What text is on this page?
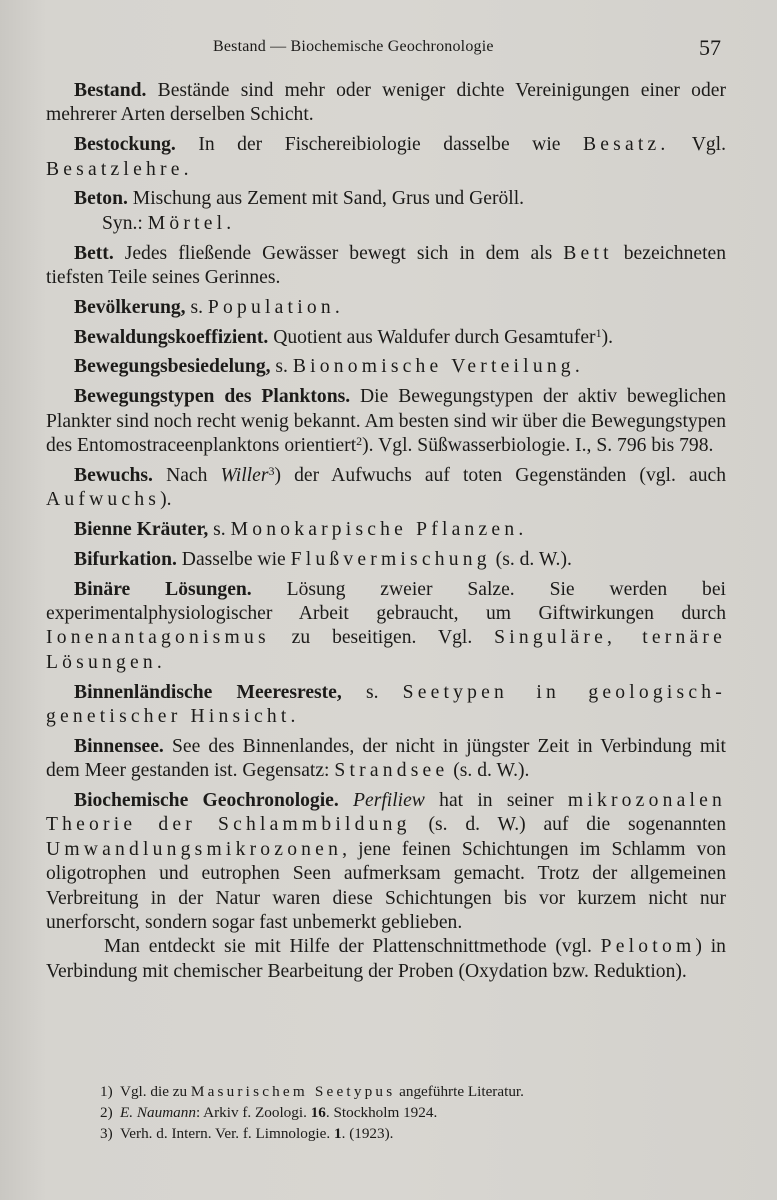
Bestand — Biochemische Geochronologie	57

Bestand. Bestände sind mehr oder weniger dichte Vereinigungen einer oder mehrerer Arten derselben Schicht.

Bestockung. In der Fischereibiologie dasselbe wie Besatz. Vgl. Besatzlehre.

Beton. Mischung aus Zement mit Sand, Grus und Geröll.

Syn.: Mörtel.

Bett. Jedes fließende Gewässer bewegt sich in dem als Bett bezeichneten tiefsten Teile seines Gerinnes.

Bevölkerung, s. Population.

Bewaldungskoeffizient. Quotient aus Waldufer durch Gesamtufer$^1$).

Bewegungsbesiedelung, s. Bionomische Verteilung.

Bewegungstypen des Planktons. Die Bewegungstypen der aktiv beweglichen Plankter sind noch recht wenig bekannt. Am besten sind wir über die Bewegungstypen des Entomostraceenplanktons orientiert$^2$). Vgl. Süßwasserbiologie. I., S. 796 bis 798.

Bewuchs. Nach Willer$^3$) der Aufwuchs auf toten Gegenständen (vgl. auch Aufwuchs).

Bienne Kräuter, s. Monokarpische Pflanzen.

Bifurkation. Dasselbe wie Flußvermischung (s. d. W.).

Binäre Lösungen. Lösung zweier Salze. Sie werden bei experimentalphysiologischer Arbeit gebraucht, um Giftwirkungen durch Ionenantagonismus zu beseitigen. Vgl. Singuläre, ternäre Lösungen.

Binnenländische Meeresreste, s. Seetypen in geologisch-genetischer Hinsicht.

Binnensee. See des Binnenlandes, der nicht in jüngster Zeit in Verbindung mit dem Meer gestanden ist. Gegensatz: Strandsee (s. d. W.).

Biochemische Geochronologie. Perfiliew hat in seiner mikrozonalen Theorie der Schlammbildung (s. d. W.) auf die sogenannten Umwandlungsmikrozonen, jene feinen Schichtungen im Schlamm von oligotrophen und eutrophen Seen aufmerksam gemacht. Trotz der allgemeinen Verbreitung in der Natur waren diese Schichtungen bis vor kurzem nicht nur unerforscht, sondern sogar fast unbemerkt geblieben.

Man entdeckt sie mit Hilfe der Plattenschnittmethode (vgl. Pelotom) in Verbindung mit chemischer Bearbeitung der Proben (Oxydation bzw. Reduktion).

1) Vgl. die zu Masurischem Seetypus angeführte Literatur.

2) E. Naumann: Arkiv f. Zoologi. 16. Stockholm 1924.

3) Verh. d. Intern. Ver. f. Limnologie. 1. (1923).
